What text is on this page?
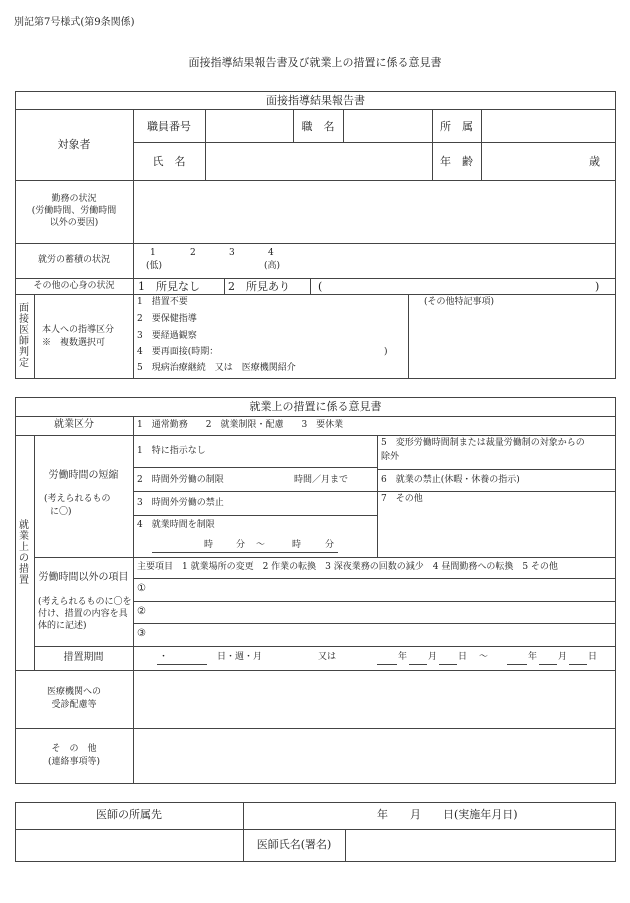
別記第7号様式(第9条関係)
面接指導結果報告書及び就業上の措置に係る意見書
面接指導結果報告書
対象者
職員番号	職　名	所　属
氏　名	年　齢	歳
勤務の状況
(労働時間、労働時間
以外の要因)
就労の蓄積の状況
1	2	3	4
(低)	(高)
その他の心身の状況	1　所見なし	2　所見あり	(	)
面接医師判定
本人への指導区分
※　複数選択可
1　措置不要
2　要保健指導
3　要経過観察
4　要再面接(時期：	)
5　現病治療継続　又は　医療機関紹介
(その他特記事項)
就業上の措置に係る意見書
就業区分	1　通常勤務　　2　就業制限・配慮　　3　要休業
就業上の措置
労働時間の短縮
(考えられるもの
に〇)
1　特に指示なし
2　時間外労働の制限	時間／月まで
3　時間外労働の禁止
4　就業時間を制限
時	分 ～	時	分
5　変形労働時間制または裁量労働制の対象からの
除外
6　就業の禁止(休暇・休養の指示)
7　その他
労働時間以外の項目
(考えられるものに〇を
付け、措置の内容を具
体的に記述)
主要項目　1 就業場所の変更　2 作業の転換　3 深夜業務の回数の減少　4 昼間勤務への転換　5 その他
①
②
③
措置期間	・	日・週・月	又は	年 月 日 ～	年 月 日
医療機関への
受診配慮等
そ　の　他
(連絡事項等)
医師の所属先	年　　月　　日(実施年月日)
医師氏名(署名)
